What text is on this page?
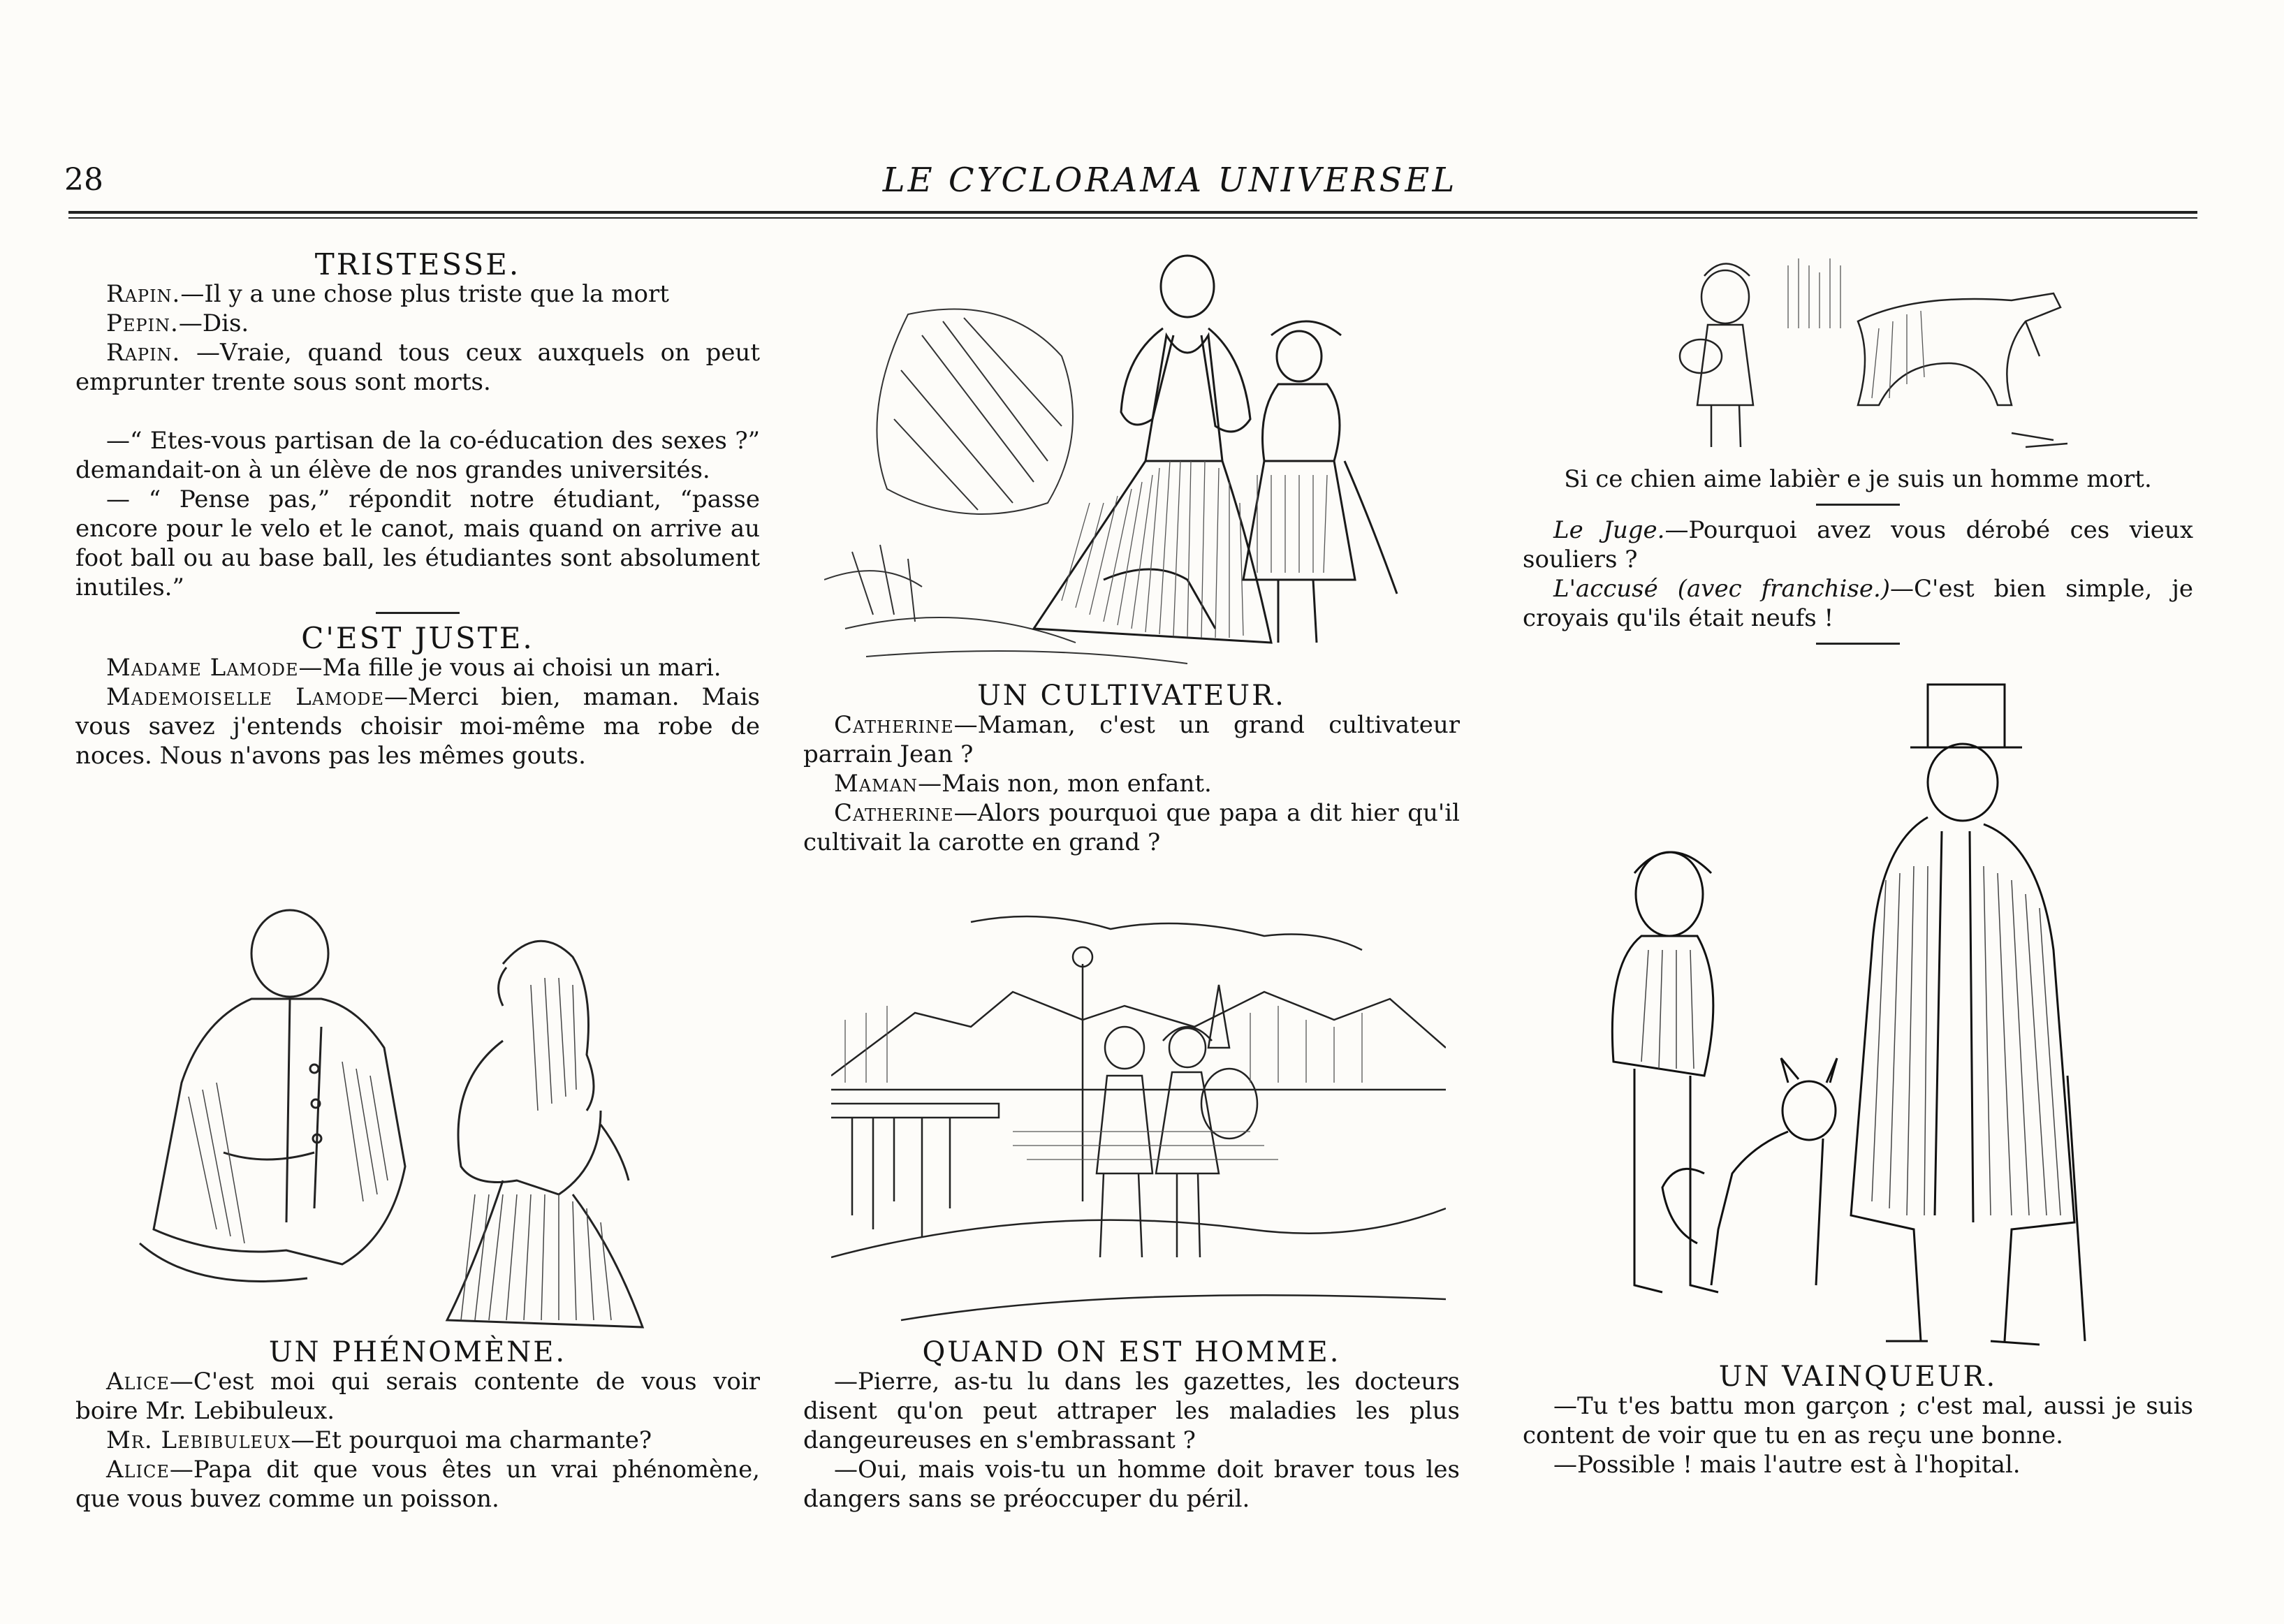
28	LE CYCLORAMA UNIVERSEL

TRISTESSE.

Rapin.—Il y a une chose plus triste que la mort

Pepin.—Dis.

Rapin. —Vraie, quand tous ceux auxquels on peut emprunter trente sous sont morts.

—“ Etes-vous partisan de la co-éducation des sexes ?” demandait-on à un élève de nos grandes universités.

— “ Pense pas,” répondit notre étudiant, “passe encore pour le velo et le canot, mais quand on arrive au foot ball ou au base ball, les étudiantes sont absolument inutiles.”

C'EST JUSTE.

Madame Lamode—Ma fille je vous ai choisi un mari.

Mademoiselle Lamode—Merci bien, maman. Mais vous savez j'entends choisir moi-même ma robe de noces. Nous n'avons pas les mêmes gouts.

UN PHÉNOMÈNE.

Alice—C'est moi qui serais contente de vous voir boire Mr. Lebibuleux.

Mr. Lebibuleux—Et pourquoi ma charmante?

Alice—Papa dit que vous êtes un vrai phénomène, que vous buvez comme un poisson.

UN CULTIVATEUR.

Catherine—Maman, c'est un grand cultivateur parrain Jean ?

Maman—Mais non, mon enfant.

Catherine—Alors pourquoi que papa a dit hier qu'il cultivait la carotte en grand ?

QUAND ON EST HOMME.

—Pierre, as-tu lu dans les gazettes, les docteurs disent qu'on peut attraper les maladies les plus dangeureuses en s'embrassant ?

—Oui, mais vois-tu un homme doit braver tous les dangers sans se préoccuper du péril.

Si ce chien aime labièr e je suis un homme mort.

Le Juge.—Pourquoi avez vous dérobé ces vieux souliers ?

L'accusé (avec franchise.)—C'est bien simple, je croyais qu'ils était neufs !

UN VAINQUEUR.

—Tu t'es battu mon garçon ; c'est mal, aussi je suis content de voir que tu en as reçu une bonne.

—Possible ! mais l'autre est à l'hopital.
